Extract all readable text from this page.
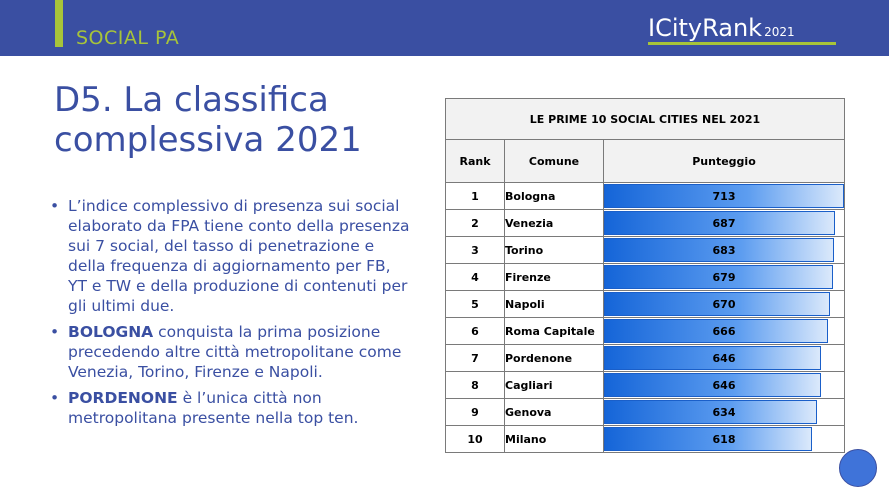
SOCIAL PA	ICityRank 2021
D5. La classifica
complessiva 2021
• L’indice complessivo di presenza sui social elaborato da FPA tiene conto della presenza sui 7 social, del tasso di penetrazione e della frequenza di aggiornamento per FB, YT e TW e della produzione di contenuti per gli ultimi due.
• BOLOGNA conquista la prima posizione precedendo altre città metropolitane come Venezia, Torino, Firenze e Napoli.
• PORDENONE è l’unica città non metropolitana presente nella top ten.
LE PRIME 10 SOCIAL CITIES NEL 2021		
Rank	Comune	Punteggio
1	Bologna	713

2	Venezia	687

3	Torino	683

4	Firenze	679

5	Napoli	670

6	Roma Capitale	666

7	Pordenone	646

8	Cagliari	646

9	Genova	634

10	Milano	618
